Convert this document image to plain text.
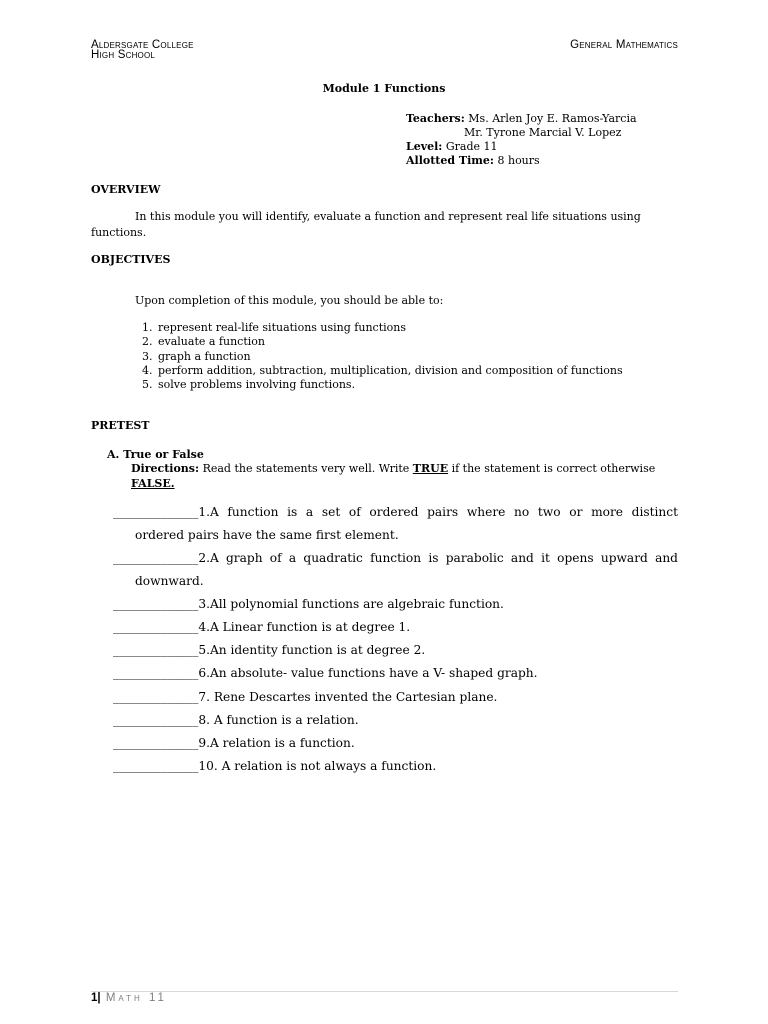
Aldersgate College
High School
General Mathematics
Module 1 Functions
Teachers: Ms. Arlen Joy E. Ramos-Yarcia
Mr. Tyrone Marcial V. Lopez
Level: Grade 11
Allotted Time: 8 hours
OVERVIEW
In this module you will identify, evaluate a function and represent real life situations using
functions.
OBJECTIVES
Upon completion of this module, you should be able to:
1. represent real-life situations using functions
2. evaluate a function
3. graph a function
4. perform addition, subtraction, multiplication, division and composition of functions
5. solve problems involving functions.
PRETEST
A. True or False
Directions: Read the statements very well. Write TRUE if the statement is correct otherwise
FALSE.
______________1.A function is a set of ordered pairs where no two or more distinct
ordered pairs have the same first element.
______________2.A graph of a quadratic function is parabolic and it opens upward and
downward.
______________3.All polynomial functions are algebraic function.
______________4.A Linear function is at degree 1.
______________5.An identity function is at degree 2.
______________6.An absolute- value functions have a V- shaped graph.
______________7. Rene Descartes invented the Cartesian plane.
______________8. A function is a relation.
______________9.A relation is a function.
______________10. A relation is not always a function.
1| Math 11
